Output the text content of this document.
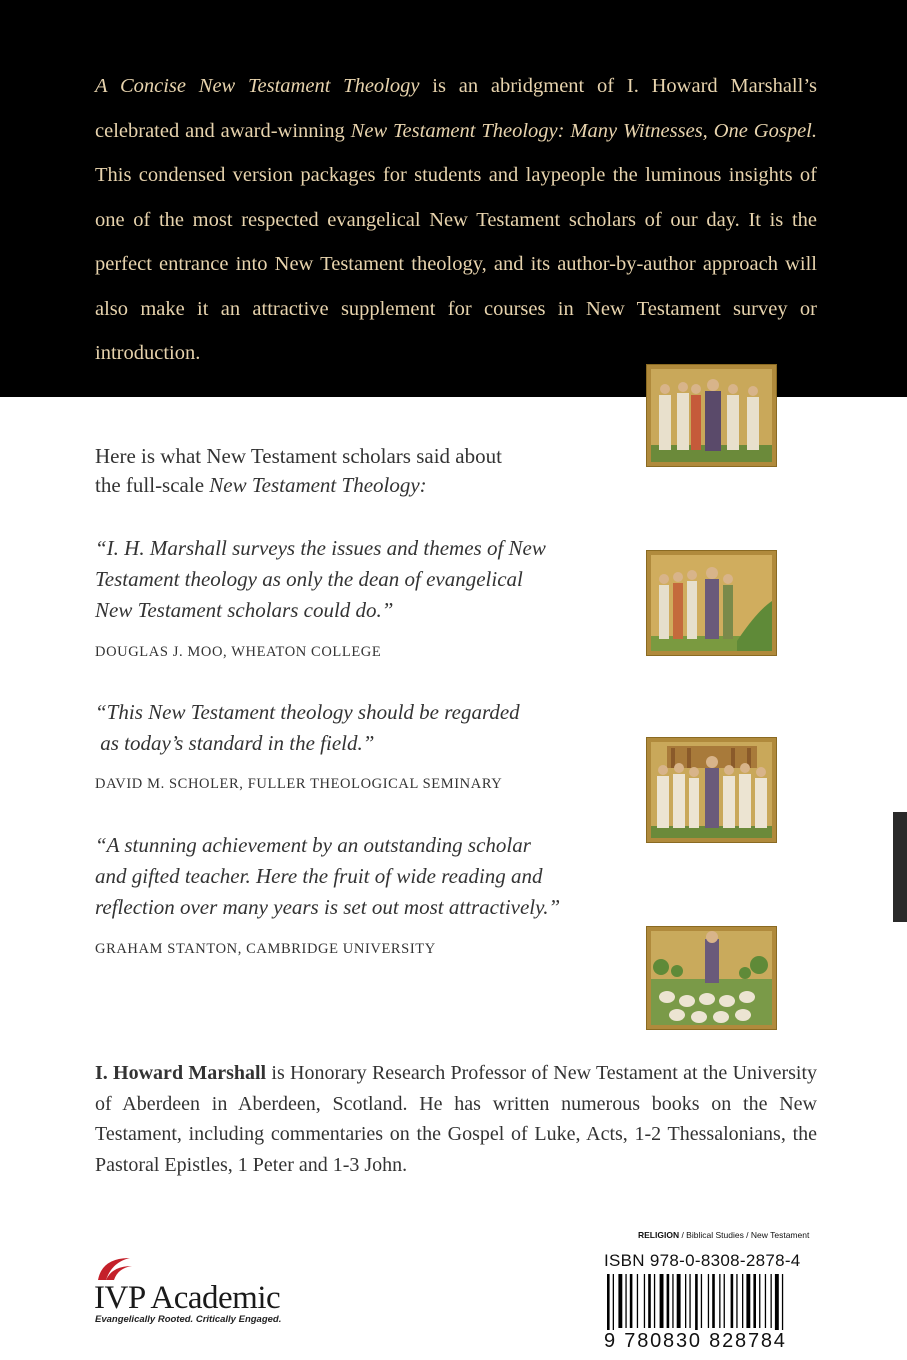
A Concise New Testament Theology is an abridgment of I. Howard Marshall’s celebrated and award-winning New Testament Theology: Many Witnesses, One Gospel. This condensed version packages for students and laypeople the luminous insights of one of the most respected evangelical New Testament scholars of our day. It is the perfect entrance into New Testament theology, and its author-by-author approach will also make it an attractive supplement for courses in New Testament survey or introduction.
Here is what New Testament scholars said about
the full-scale New Testament Theology:
“I. H. Marshall surveys the issues and themes of New
Testament theology as only the dean of evangelical
New Testament scholars could do.”
DOUGLAS J. MOO, WHEATON COLLEGE
“This New Testament theology should be regarded
as today’s standard in the field.”
DAVID M. SCHOLER, FULLER THEOLOGICAL SEMINARY
“A stunning achievement by an outstanding scholar
and gifted teacher. Here the fruit of wide reading and
reflection over many years is set out most attractively.”
GRAHAM STANTON, CAMBRIDGE UNIVERSITY
I. Howard Marshall is Honorary Research Professor of New Testament at the University of Aberdeen in Aberdeen, Scotland. He has written numerous books on the New Testament, including commentaries on the Gospel of Luke, Acts, 1-2 Thessalonians, the Pastoral Epistles, 1 Peter and 1-3 John.
IVP Academic
Evangelically Rooted. Critically Engaged.
RELIGION / Biblical Studies / New Testament
ISBN 978-0-8308-2878-4
9 780830 828784
